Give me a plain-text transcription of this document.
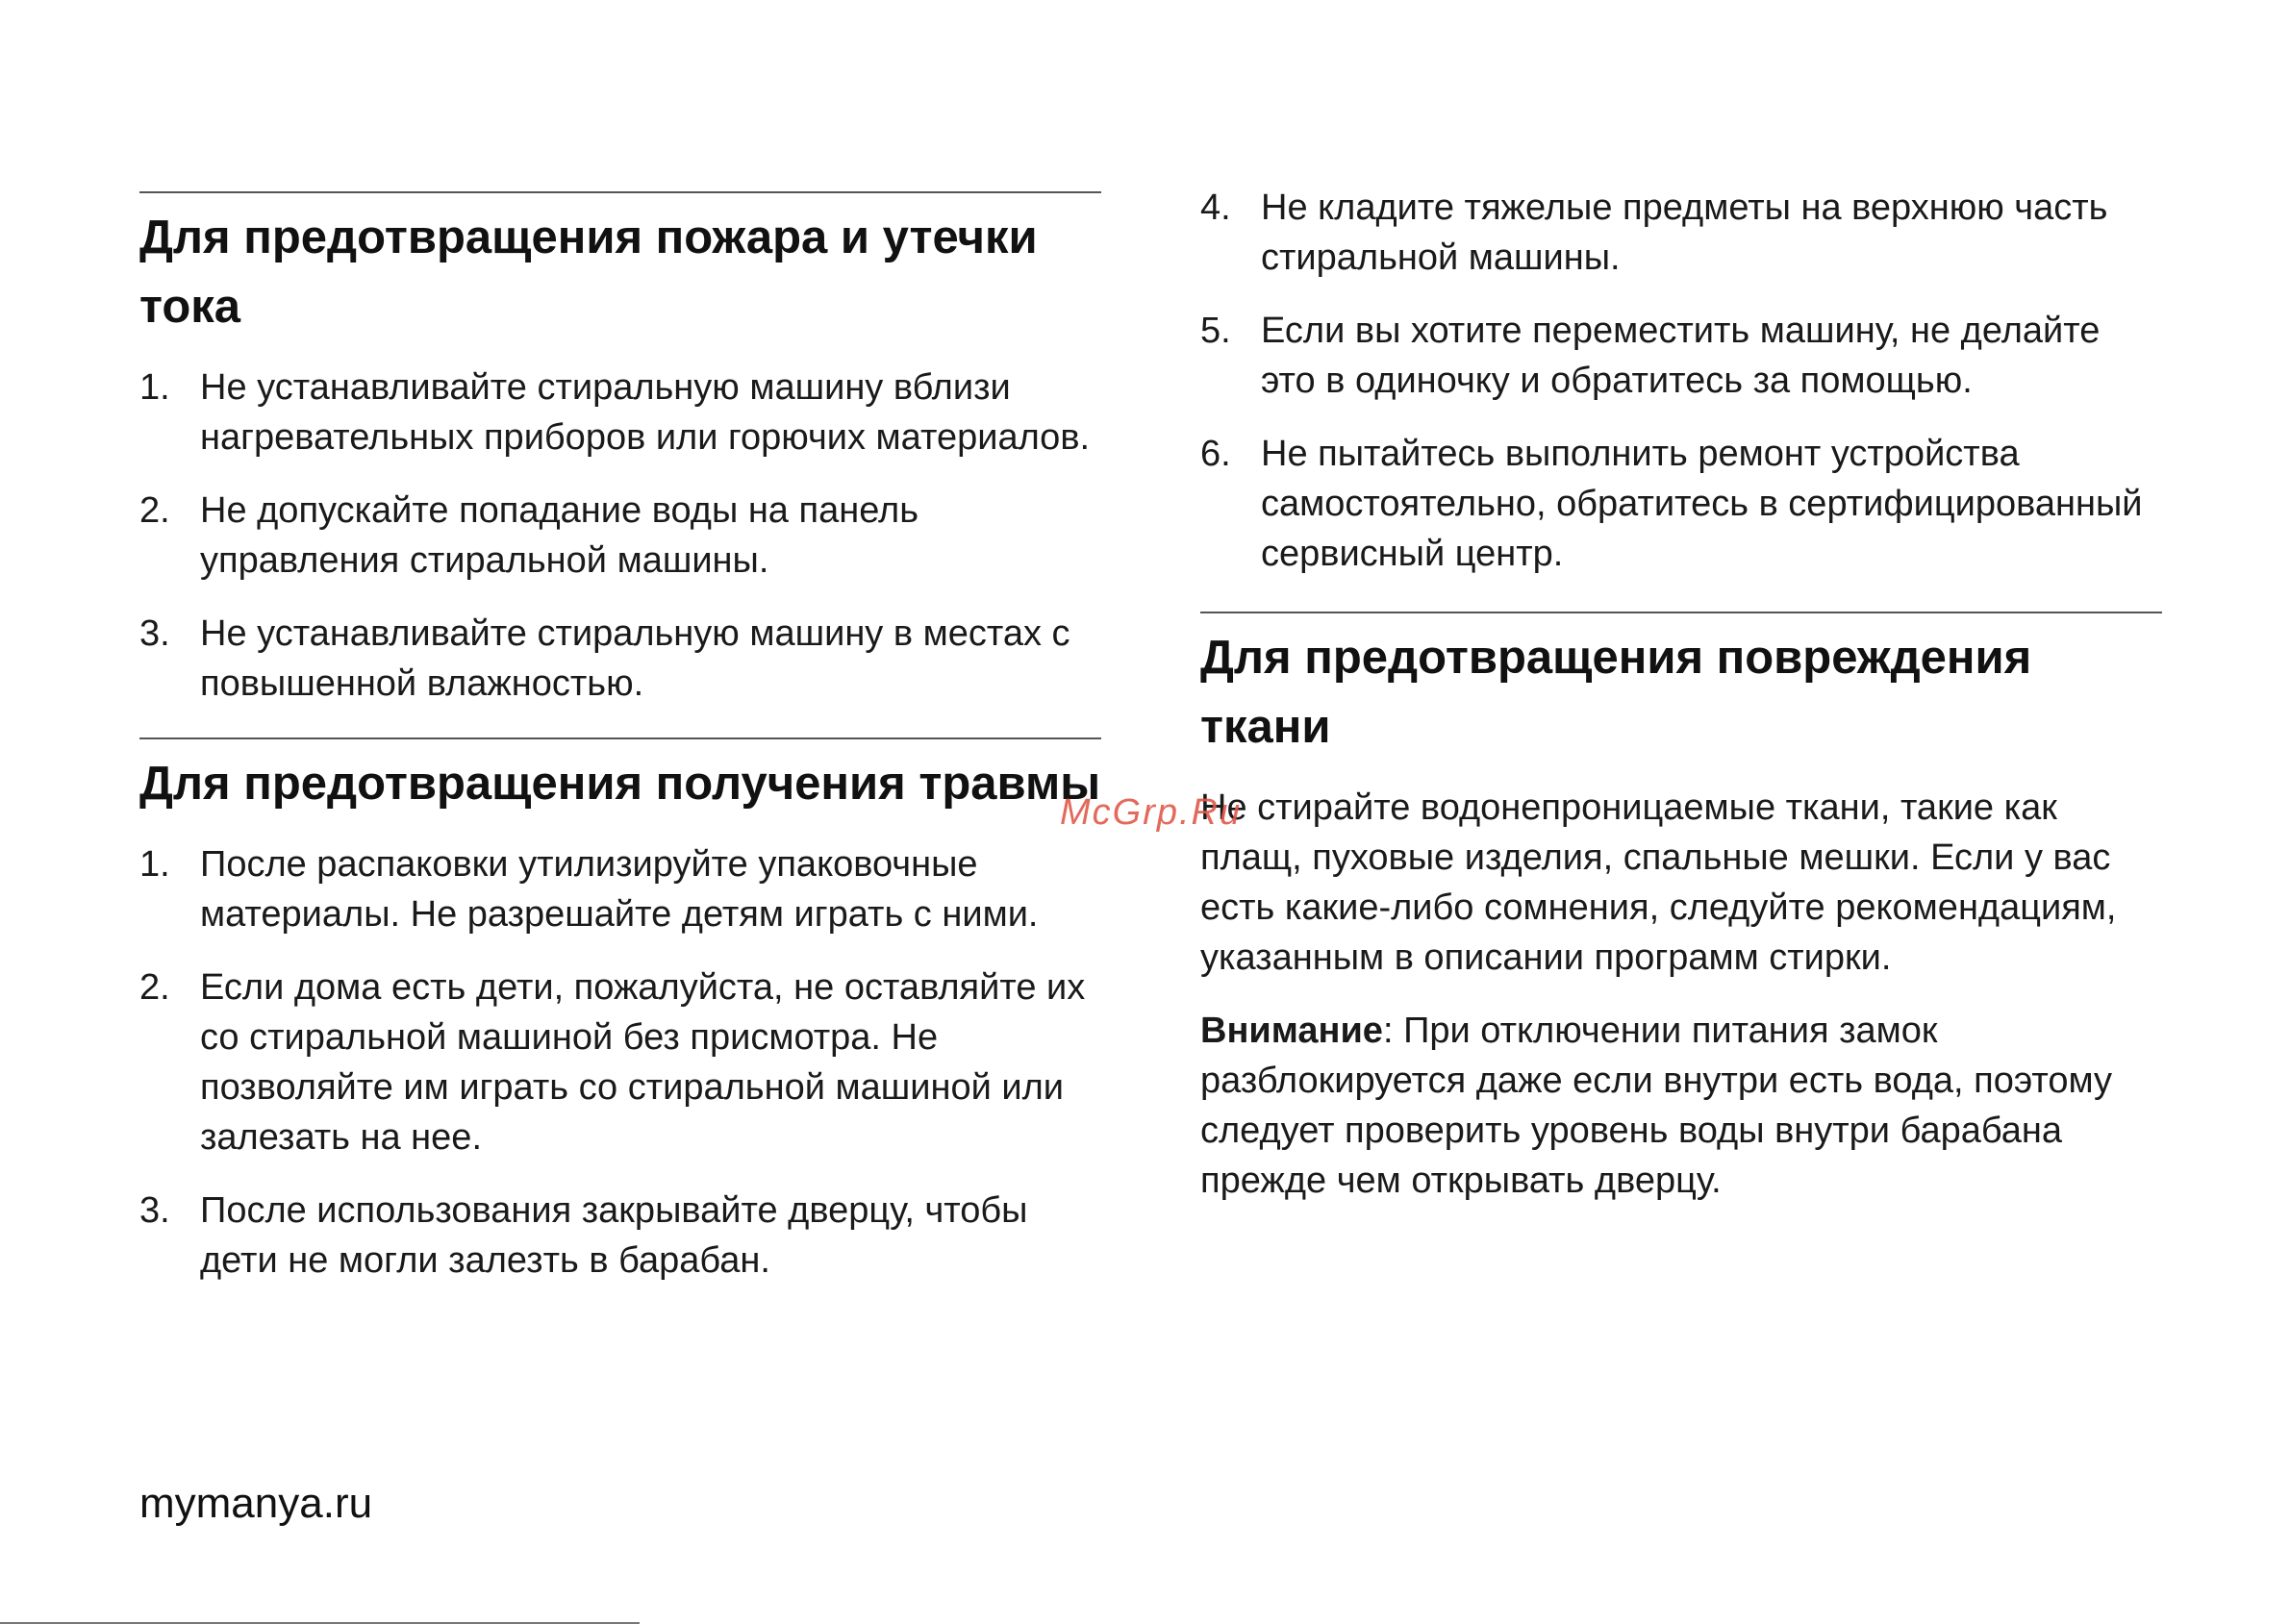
Для предотвращения пожара и утечки тока
1. Не устанавливайте стиральную машину вблизи нагревательных приборов или горючих материалов.
2. Не допускайте попадание воды на панель управления стиральной машины.
3. Не устанавливайте стиральную машину в местах с повышенной влажностью.
Для предотвращения получения травмы
1. После распаковки утилизируйте упаковочные материалы. Не разрешайте детям играть с ними.
2. Если дома есть дети, пожалуйста, не оставляйте их со стиральной машиной без присмотра. Не позволяйте им играть со стиральной машиной или залезать на нее.
3. После использования закрывайте дверцу, чтобы дети не могли залезть в барабан.
4. Не кладите тяжелые предметы на верхнюю часть стиральной машины.
5. Если вы хотите переместить машину, не делайте это в одиночку и обратитесь за помощью.
6. Не пытайтесь выполнить ремонт устройства самостоятельно, обратитесь в сертифицированный сервисный центр.
Для предотвращения повреждения ткани

Не стирайте водонепроницаемые ткани, такие как плащ, пуховые изделия, спальные мешки. Если у вас есть какие-либо сомнения, следуйте рекомендациям, указанным в описании программ стирки.

Внимание: При отключении питания замок разблокируется даже если внутри есть вода, поэтому следует проверить уровень воды внутри барабана прежде чем открывать дверцу.

McGrp.Ru
mymanya.ru
